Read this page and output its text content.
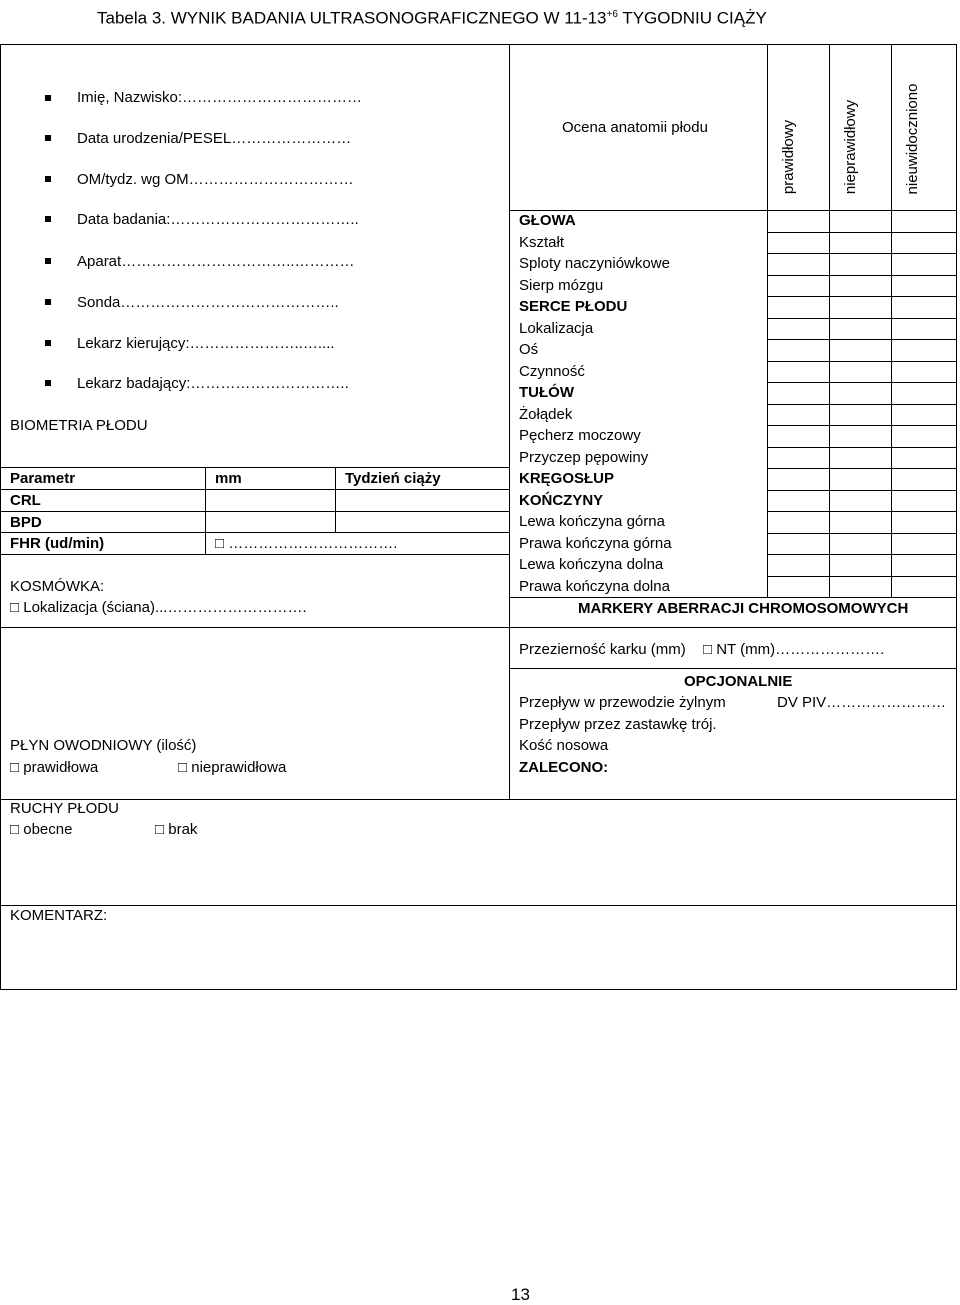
Tabela 3. WYNIK BADANIA ULTRASONOGRAFICZNEGO W $11-13^{+6}$ TYGODNIU CIĄŻY
Imię, Nazwisko:………………………………
Data urodzenia/PESEL……………………
OM/tydz. wg OM……………………………
Data badania:………………………………..
Aparat……………………………..…………
Sonda……………………………………..
Lekarz kierujący:…………………..…....
Lekarz badający:…………………………..
BIOMETRIA PŁODU
Parametr	mm	Tydzień ciąży
CRL
BPD
FHR (ud/min)	□ …………………………….
KOSMÓWKA:
□ Lokalizacja (ściana)...……………………….
PŁYN OWODNIOWY (ilość)
□ prawidłowa	□ nieprawidłowa
RUCHY PŁODU
□ obecne	□ brak
KOMENTARZ:
Ocena anatomii płodu	prawidłowy	nieprawidłowy	nieuwidoczniono
GŁOWA
Kształt
Sploty naczyniówkowe
Sierp mózgu
SERCE PŁODU
Lokalizacja
Oś
Czynność
TUŁÓW
Żołądek
Pęcherz moczowy
Przyczep pępowiny
KRĘGOSŁUP
KOŃCZYNY
Lewa kończyna górna
Prawa kończyna górna
Lewa kończyna dolna
Prawa kończyna dolna
MARKERY ABERRACJI CHROMOSOMOWYCH
Przezierność karku (mm) □ NT (mm)………………….
OPCJONALNIE
Przepływ w przewodzie żylnym	DV PIV……………………
Przepływ przez zastawkę trój.
Kość nosowa
ZALECONO:
13
